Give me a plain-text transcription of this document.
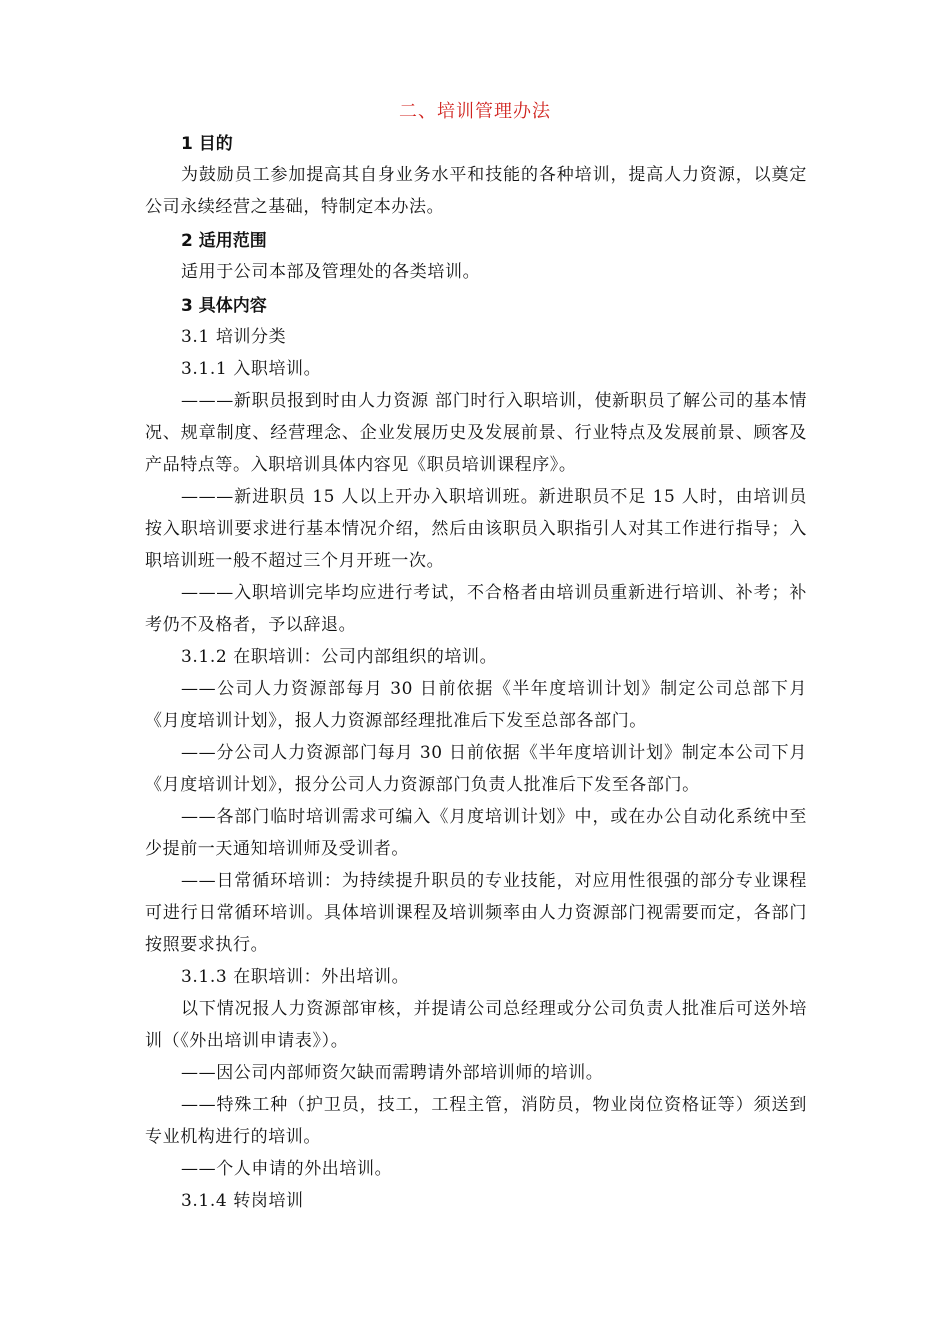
二、培训管理办法

1 目的

为鼓励员工参加提高其自身业务水平和技能的各种培训，提高人力资源，以奠定公司永续经营之基础，特制定本办法。

2 适用范围

适用于公司本部及管理处的各类培训。

3 具体内容

3.1 培训分类

3.1.1 入职培训。

———新职员报到时由人力资源 部门时行入职培训，使新职员了解公司的基本情况、规章制度、经营理念、企业发展历史及发展前景、行业特点及发展前景、顾客及产品特点等。入职培训具体内容见《职员培训课程序》。

———新进职员 15 人以上开办入职培训班。新进职员不足 15 人时，由培训员按入职培训要求进行基本情况介绍，然后由该职员入职指引人对其工作进行指导；入职培训班一般不超过三个月开班一次。

———入职培训完毕均应进行考试，不合格者由培训员重新进行培训、补考；补考仍不及格者，予以辞退。

3.1.2 在职培训：公司内部组织的培训。

——公司人力资源部每月 30 日前依据《半年度培训计划》制定公司总部下月《月度培训计划》，报人力资源部经理批准后下发至总部各部门。

——分公司人力资源部门每月 30 日前依据《半年度培训计划》制定本公司下月《月度培训计划》，报分公司人力资源部门负责人批准后下发至各部门。

——各部门临时培训需求可编入《月度培训计划》中，或在办公自动化系统中至少提前一天通知培训师及受训者。

——日常循环培训：为持续提升职员的专业技能，对应用性很强的部分专业课程可进行日常循环培训。具体培训课程及培训频率由人力资源部门视需要而定，各部门按照要求执行。

3.1.3 在职培训：外出培训。

以下情况报人力资源部审核，并提请公司总经理或分公司负责人批准后可送外培训（《外出培训申请表》）。

——因公司内部师资欠缺而需聘请外部培训师的培训。

——特殊工种（护卫员，技工，工程主管，消防员，物业岗位资格证等）须送到专业机构进行的培训。

——个人申请的外出培训。

3.1.4 转岗培训
